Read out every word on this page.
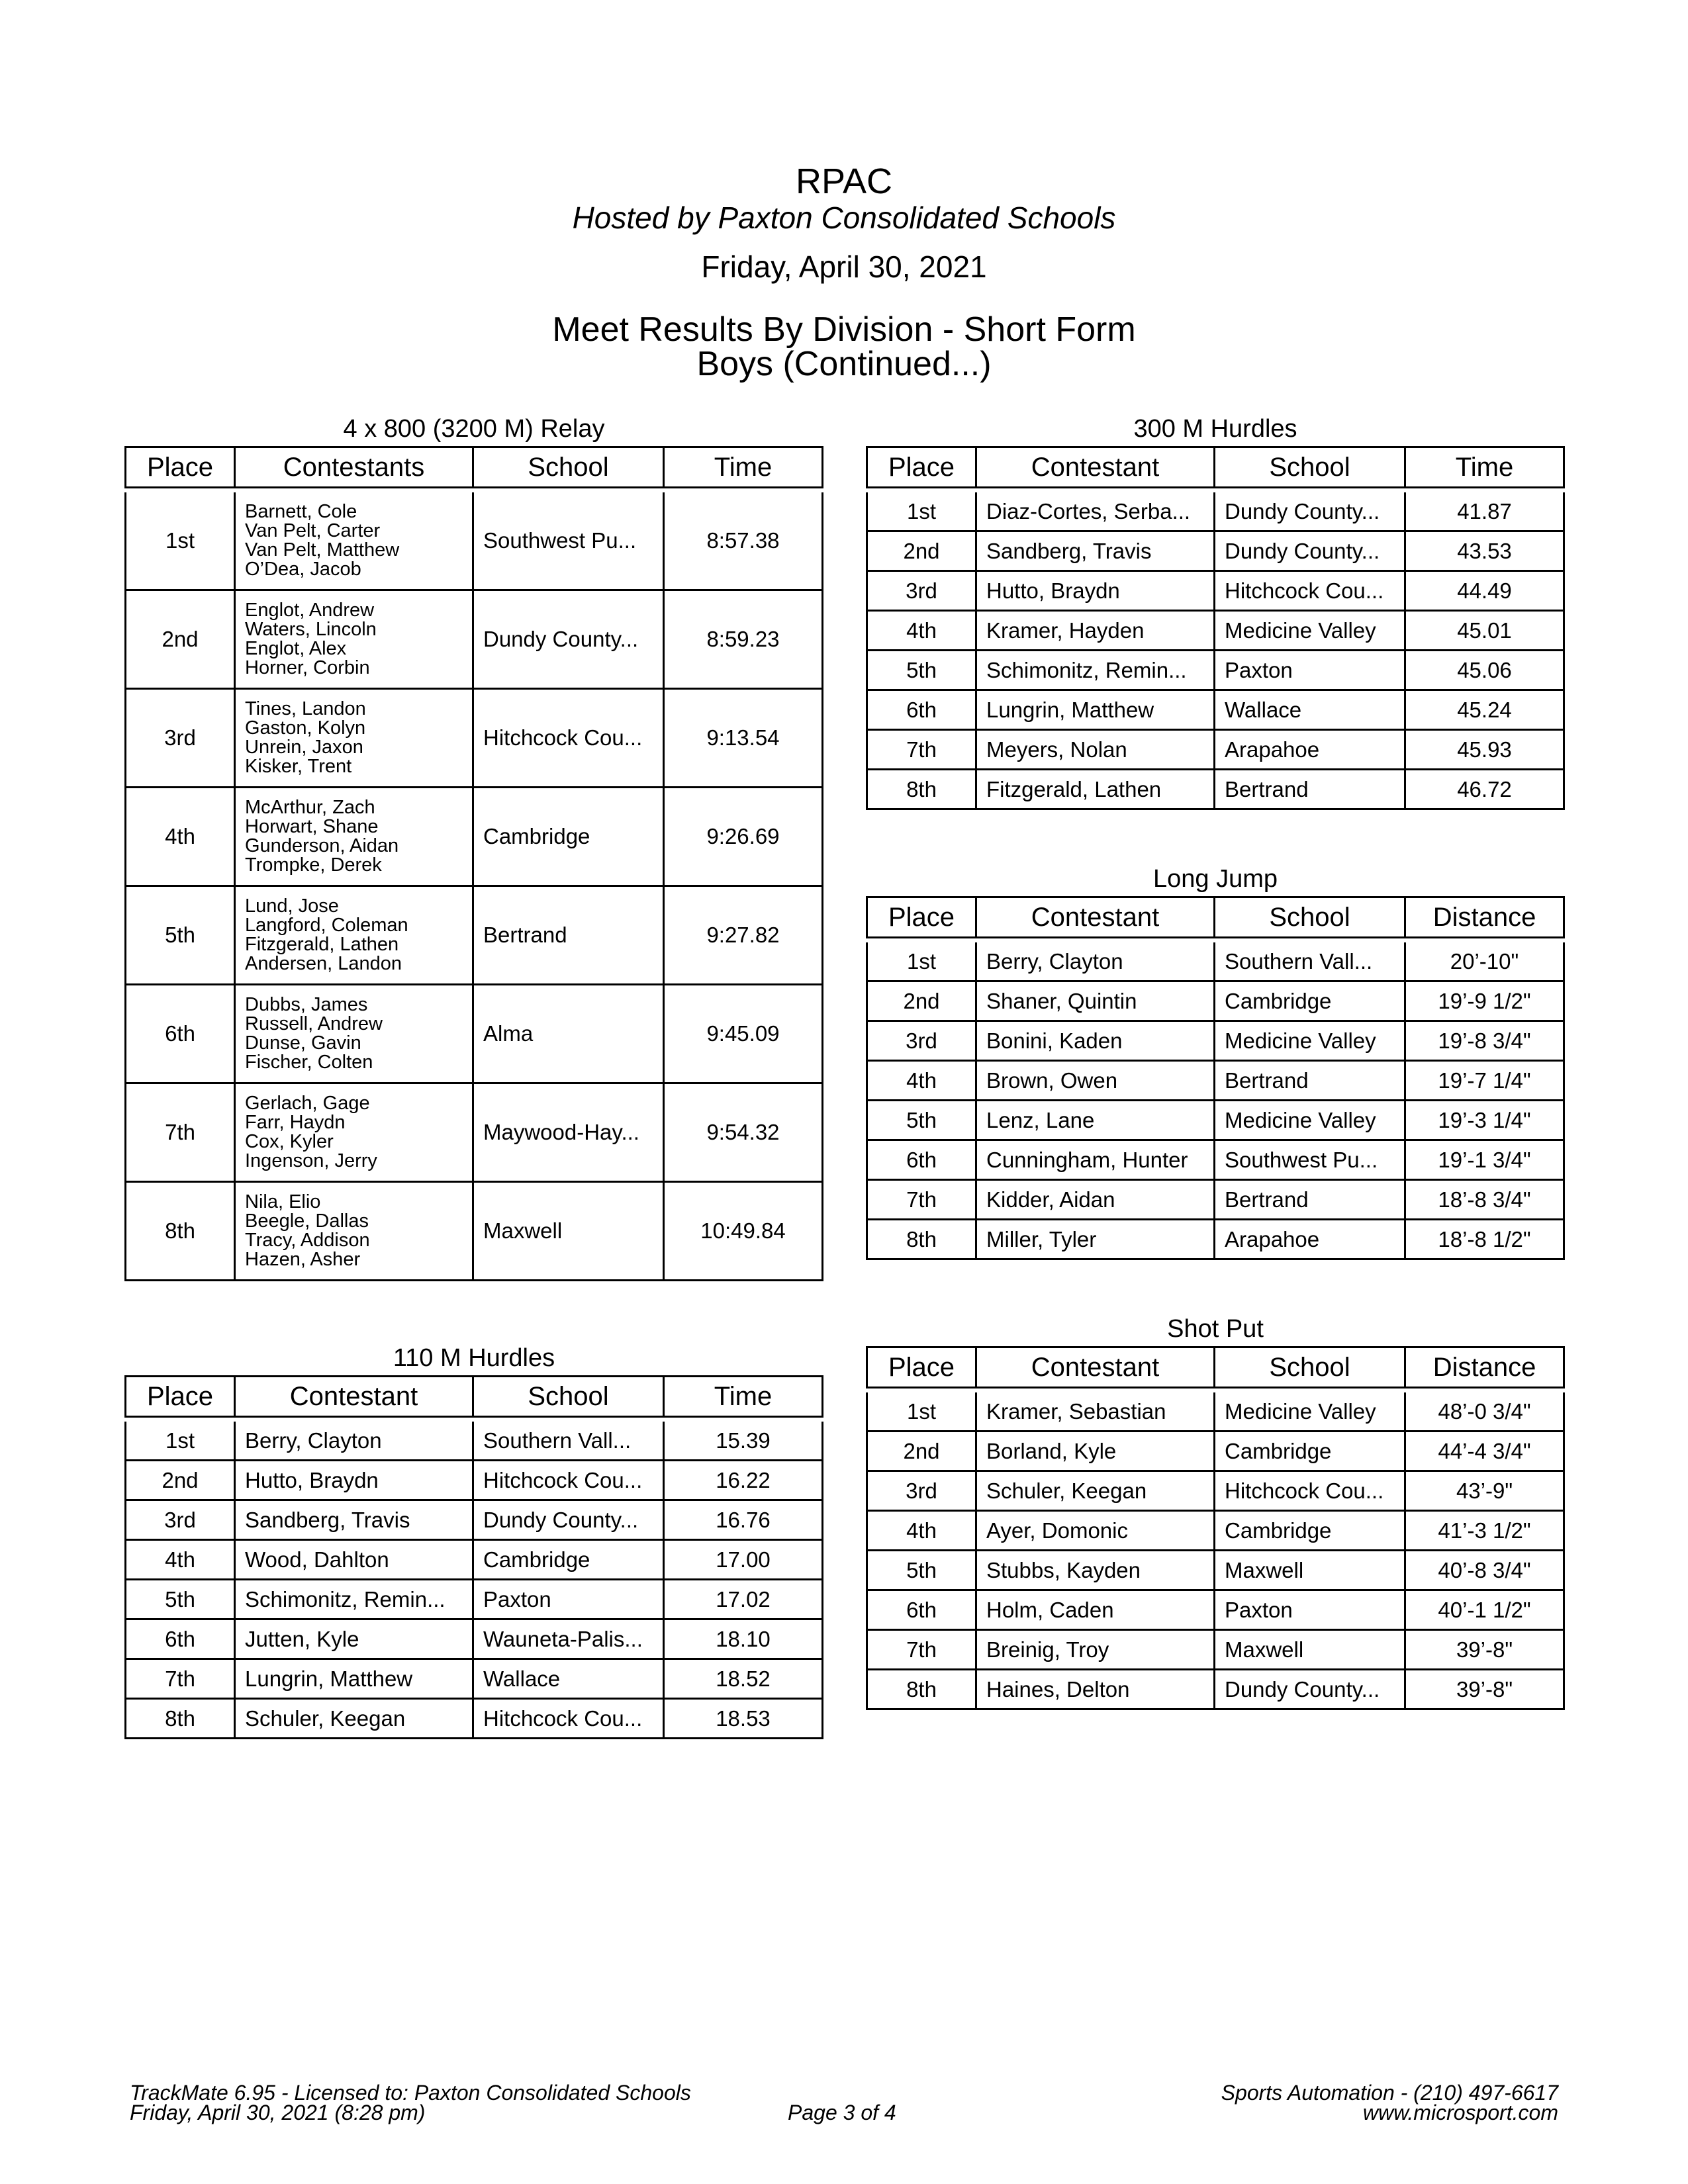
RPAC
Hosted by Paxton Consolidated Schools
Friday, April 30, 2021
Meet Results By Division - Short Form
Boys (Continued...)
4 x 800 (3200 M) Relay
Place	Contestants	School	Time

1st	Barnett, Cole
Van Pelt, Carter
Van Pelt, Matthew
O’Dea, Jacob	Southwest Pu...	8:57.38
2nd	Englot, Andrew
Waters, Lincoln
Englot, Alex
Horner, Corbin	Dundy County...	8:59.23
3rd	Tines, Landon
Gaston, Kolyn
Unrein, Jaxon
Kisker, Trent	Hitchcock Cou...	9:13.54
4th	McArthur, Zach
Horwart, Shane
Gunderson, Aidan
Trompke, Derek	Cambridge	9:26.69
5th	Lund, Jose
Langford, Coleman
Fitzgerald, Lathen
Andersen, Landon	Bertrand	9:27.82
6th	Dubbs, James
Russell, Andrew
Dunse, Gavin
Fischer, Colten	Alma	9:45.09
7th	Gerlach, Gage
Farr, Haydn
Cox, Kyler
Ingenson, Jerry	Maywood-Hay...	9:54.32
8th	Nila, Elio
Beegle, Dallas
Tracy, Addison
Hazen, Asher	Maxwell	10:49.84
110 M Hurdles
Place	Contestant	School	Time

1st	Berry, Clayton	Southern Vall...	15.39
2nd	Hutto, Braydn	Hitchcock Cou...	16.22
3rd	Sandberg, Travis	Dundy County...	16.76
4th	Wood, Dahlton	Cambridge	17.00
5th	Schimonitz, Remin...	Paxton	17.02
6th	Jutten, Kyle	Wauneta-Palis...	18.10
7th	Lungrin, Matthew	Wallace	18.52
8th	Schuler, Keegan	Hitchcock Cou...	18.53
300 M Hurdles
Place	Contestant	School	Time

1st	Diaz-Cortes, Serba...	Dundy County...	41.87
2nd	Sandberg, Travis	Dundy County...	43.53
3rd	Hutto, Braydn	Hitchcock Cou...	44.49
4th	Kramer, Hayden	Medicine Valley	45.01
5th	Schimonitz, Remin...	Paxton	45.06
6th	Lungrin, Matthew	Wallace	45.24
7th	Meyers, Nolan	Arapahoe	45.93
8th	Fitzgerald, Lathen	Bertrand	46.72
Long Jump
Place	Contestant	School	Distance

1st	Berry, Clayton	Southern Vall...	20’-10"
2nd	Shaner, Quintin	Cambridge	19’-9 1/2"
3rd	Bonini, Kaden	Medicine Valley	19’-8 3/4"
4th	Brown, Owen	Bertrand	19’-7 1/4"
5th	Lenz, Lane	Medicine Valley	19’-3 1/4"
6th	Cunningham, Hunter	Southwest Pu...	19’-1 3/4"
7th	Kidder, Aidan	Bertrand	18’-8 3/4"
8th	Miller, Tyler	Arapahoe	18’-8 1/2"
Shot Put
Place	Contestant	School	Distance

1st	Kramer, Sebastian	Medicine Valley	48’-0 3/4"
2nd	Borland, Kyle	Cambridge	44’-4 3/4"
3rd	Schuler, Keegan	Hitchcock Cou...	43’-9"
4th	Ayer, Domonic	Cambridge	41’-3 1/2"
5th	Stubbs, Kayden	Maxwell	40’-8 3/4"
6th	Holm, Caden	Paxton	40’-1 1/2"
7th	Breinig, Troy	Maxwell	39’-8"
8th	Haines, Delton	Dundy County...	39’-8"
TrackMate 6.95 - Licensed to: Paxton Consolidated Schools
Friday, April 30, 2021 (8:28 pm)	Page 3 of 4
Sports Automation - (210) 497-6617
www.microsport.com
